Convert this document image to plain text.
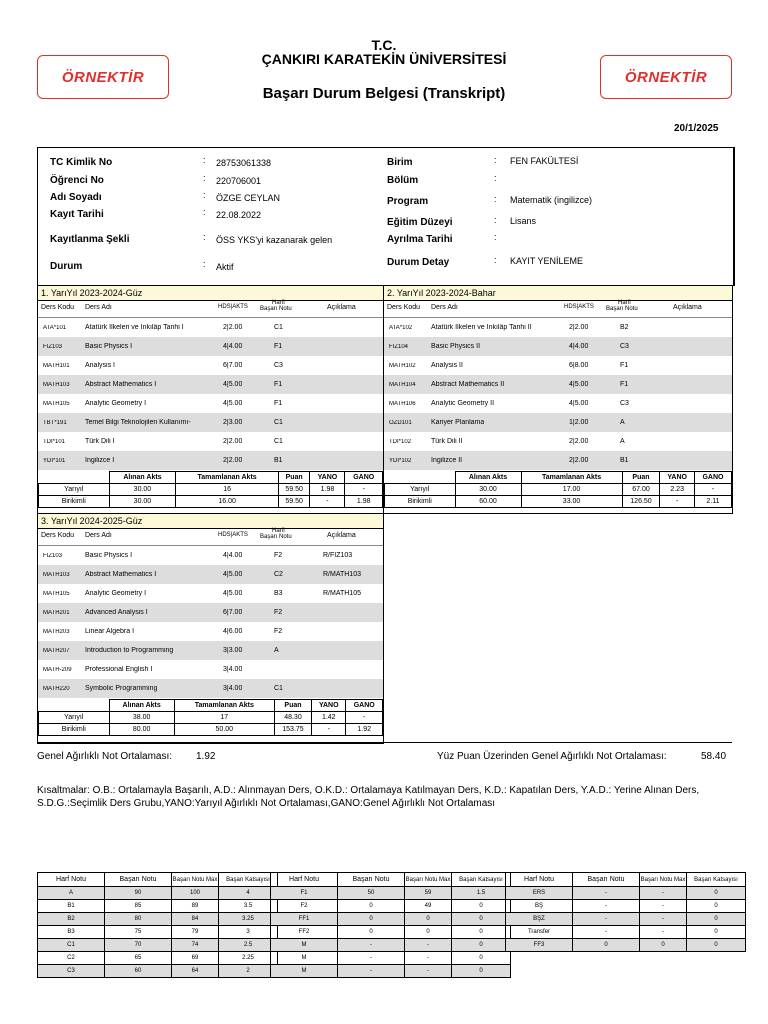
ÖRNEKTİR	ÖRNEKTİR
T.C.
ÇANKIRI KARATEKİN ÜNİVERSİTESİ
Başarı Durum Belgesi (Transkript)
20/1/2025
TC Kimlik No	: 28753061338
Öğrenci No	: 220706001
Adı Soyadı	: ÖZGE CEYLAN
Kayıt Tarihi	: 22.08.2022
Kayıtlanma Şekli	: ÖSS YKS'yi kazanarak gelen
Durum	: Aktif
Birim	: FEN FAKÜLTESİ
Bölüm	:
Program	: Matematik (ingilizce)
Eğitim Düzeyi	: Lisans
Ayrılma Tarihi	:
Durum Detay	: KAYIT YENİLEME
1. YarıYıl 2023-2024-Güz
Ders Kodu Ders Adı	HDS|AKTS
Harfl
Başarı Notu	Açıklama
ATA*101	Atatürk İlkeleri ve İnkılâp Tarihi I	2|2.00	C1
FİZ103	Basic Physics I	4|4.00	F1
MATH101 Analysis I	6|7.00	C3
MATH103 Abstract Mathematics I	4|5.00	F1
MATH105 Analytic Geometry I	4|5.00	F1
TBT*191	Temel Bilgi Teknolojileri Kullanımı-	2|3.00	C1
TDİ*101	Türk Dili I	2|2.00	C1
YDİ*101	İngilizce I	2|2.00	B1
	Alınan Akts	Tamamlanan Akts	Puan	YANO	GANO
Yarıyıl	30.00	16	59.50	1.98	-
Birikimli	30.00	16.00	59.50	-	1.98
2. YarıYıl 2023-2024-Bahar
Ders Kodu Ders Adı	HDS|AKTS
Harfl
Başarı Notu	Açıklama
ATA*102	Atatürk İlkeleri ve İnkılâp Tarihi II	2|2.00	B2
FİZ104	Basic Physics II	4|4.00	C3
MATH102 Analysis II	6|8.00	F1
MATH104 Abstract Mathematics II	4|5.00	F1
MATH106 Analytic Geometry II	4|5.00	C3
OZD101	Kariyer Planlama	1|2.00	A
TDİ*102	Türk Dili II	2|2.00	A
YDİ*102	İngilizce II	2|2.00	B1
	Alınan Akts	Tamamlanan Akts	Puan	YANO	GANO
Yarıyıl	30.00	17.00	67.00	2.23	-
Birikimli	60.00	33.00	126.50	-	2.11
3. YarıYıl 2024-2025-Güz
Ders Kodu Ders Adı	HDS|AKTS
Harfl
Başarı Notu	Açıklama
FİZ103	Basic Physics I	4|4.00	F2	R/FİZ103
MATH103 Abstract Mathematics I	4|5.00	C2	R/MATH103
MATH105 Analytic Geometry I	4|5.00	B3	R/MATH105
MATH201 Advanced Analysis I	6|7.00	F2
MATH203 Linear Algebra I	4|6.00	F2
MATH207 Introduction to Programming	3|3.00	A
MATH-209 Professional English I	3|4.00
MATH220 Symbolic Programming	3|4.00	C1
	Alınan Akts	Tamamlanan Akts	Puan	YANO	GANO
Yarıyıl	38.00	17	48.30	1.42	-
Birikimli	80.00	50.00	153.75	-	1.92
Genel Ağırlıklı Not Ortalaması: 1.92	Yüz Puan Üzerinden Genel Ağırlıklı Not Ortalaması:	58.40
Kısaltmalar: O.B.: Ortalamayla Başarılı, A.D.: Alınmayan Ders, O.K.D.: Ortalamaya Katılmayan Ders, K.D.: Kapatılan Ders, Y.A.D.: Yerine Alınan Ders, S.D.G.:Seçimlik Ders Grubu,YANO:Yarıyıl Ağırlıklı Not Ortalaması,GANO:Genel Ağırlıklı Not Ortalaması
Harf Notu	Başarı Notu	Başarı Notu Max	Başarı Katsayısı
A	90	100	4
B1	85	89	3.5
B2	80	84	3.25
B3	75	79	3
C1	70	74	2.5
C2	65	69	2.25
C3	60	64	2
Harf Notu	Başarı Notu	Başarı Notu Max	Başarı Katsayısı
F1	50	59	1.5
F2	0	49	0
FF1	0	0	0
FF2	0	0	0
M	-	-	0
M	-	-	0
M	-	-	0
Harf Notu	Başarı Notu	Başarı Notu Max	Başarı Katsayısı
ERS	-	-	0
BŞ	-	-	0
BŞZ	-	-	0
Transfer	-	-	0
FF3	0	0	0
